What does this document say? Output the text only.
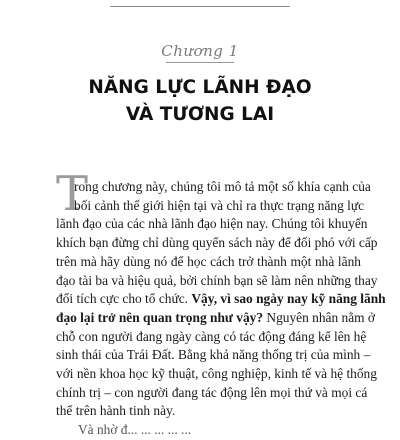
Chương 1
NĂNG LỰC LÃNH ĐẠO
VÀ TƯƠNG LAI
T
rong chương này, chúng tôi mô tả một số khía cạnh của
bối cảnh thế giới hiện tại và chỉ ra thực trạng năng lực
lãnh đạo của các nhà lãnh đạo hiện nay. Chúng tôi khuyến
khích bạn đừng chỉ dùng quyển sách này để đối phó với cấp
trên mà hãy dùng nó để học cách trở thành một nhà lãnh
đạo tài ba và hiệu quả, bởi chính bạn sẽ làm nên những thay
đổi tích cực cho tổ chức. Vậy, vì sao ngày nay kỹ năng lãnh
đạo lại trở nên quan trọng như vậy? Nguyên nhân nằm ở
chỗ con người đang ngày càng có tác động đáng kể lên hệ
sinh thái của Trái Đất. Bằng khả năng thống trị của mình –
với nền khoa học kỹ thuật, công nghiệp, kinh tế và hệ thống
chính trị – con người đang tác động lên mọi thứ và mọi cá
thể trên hành tinh này.
Và nhờ đ... ... ... ... ...
